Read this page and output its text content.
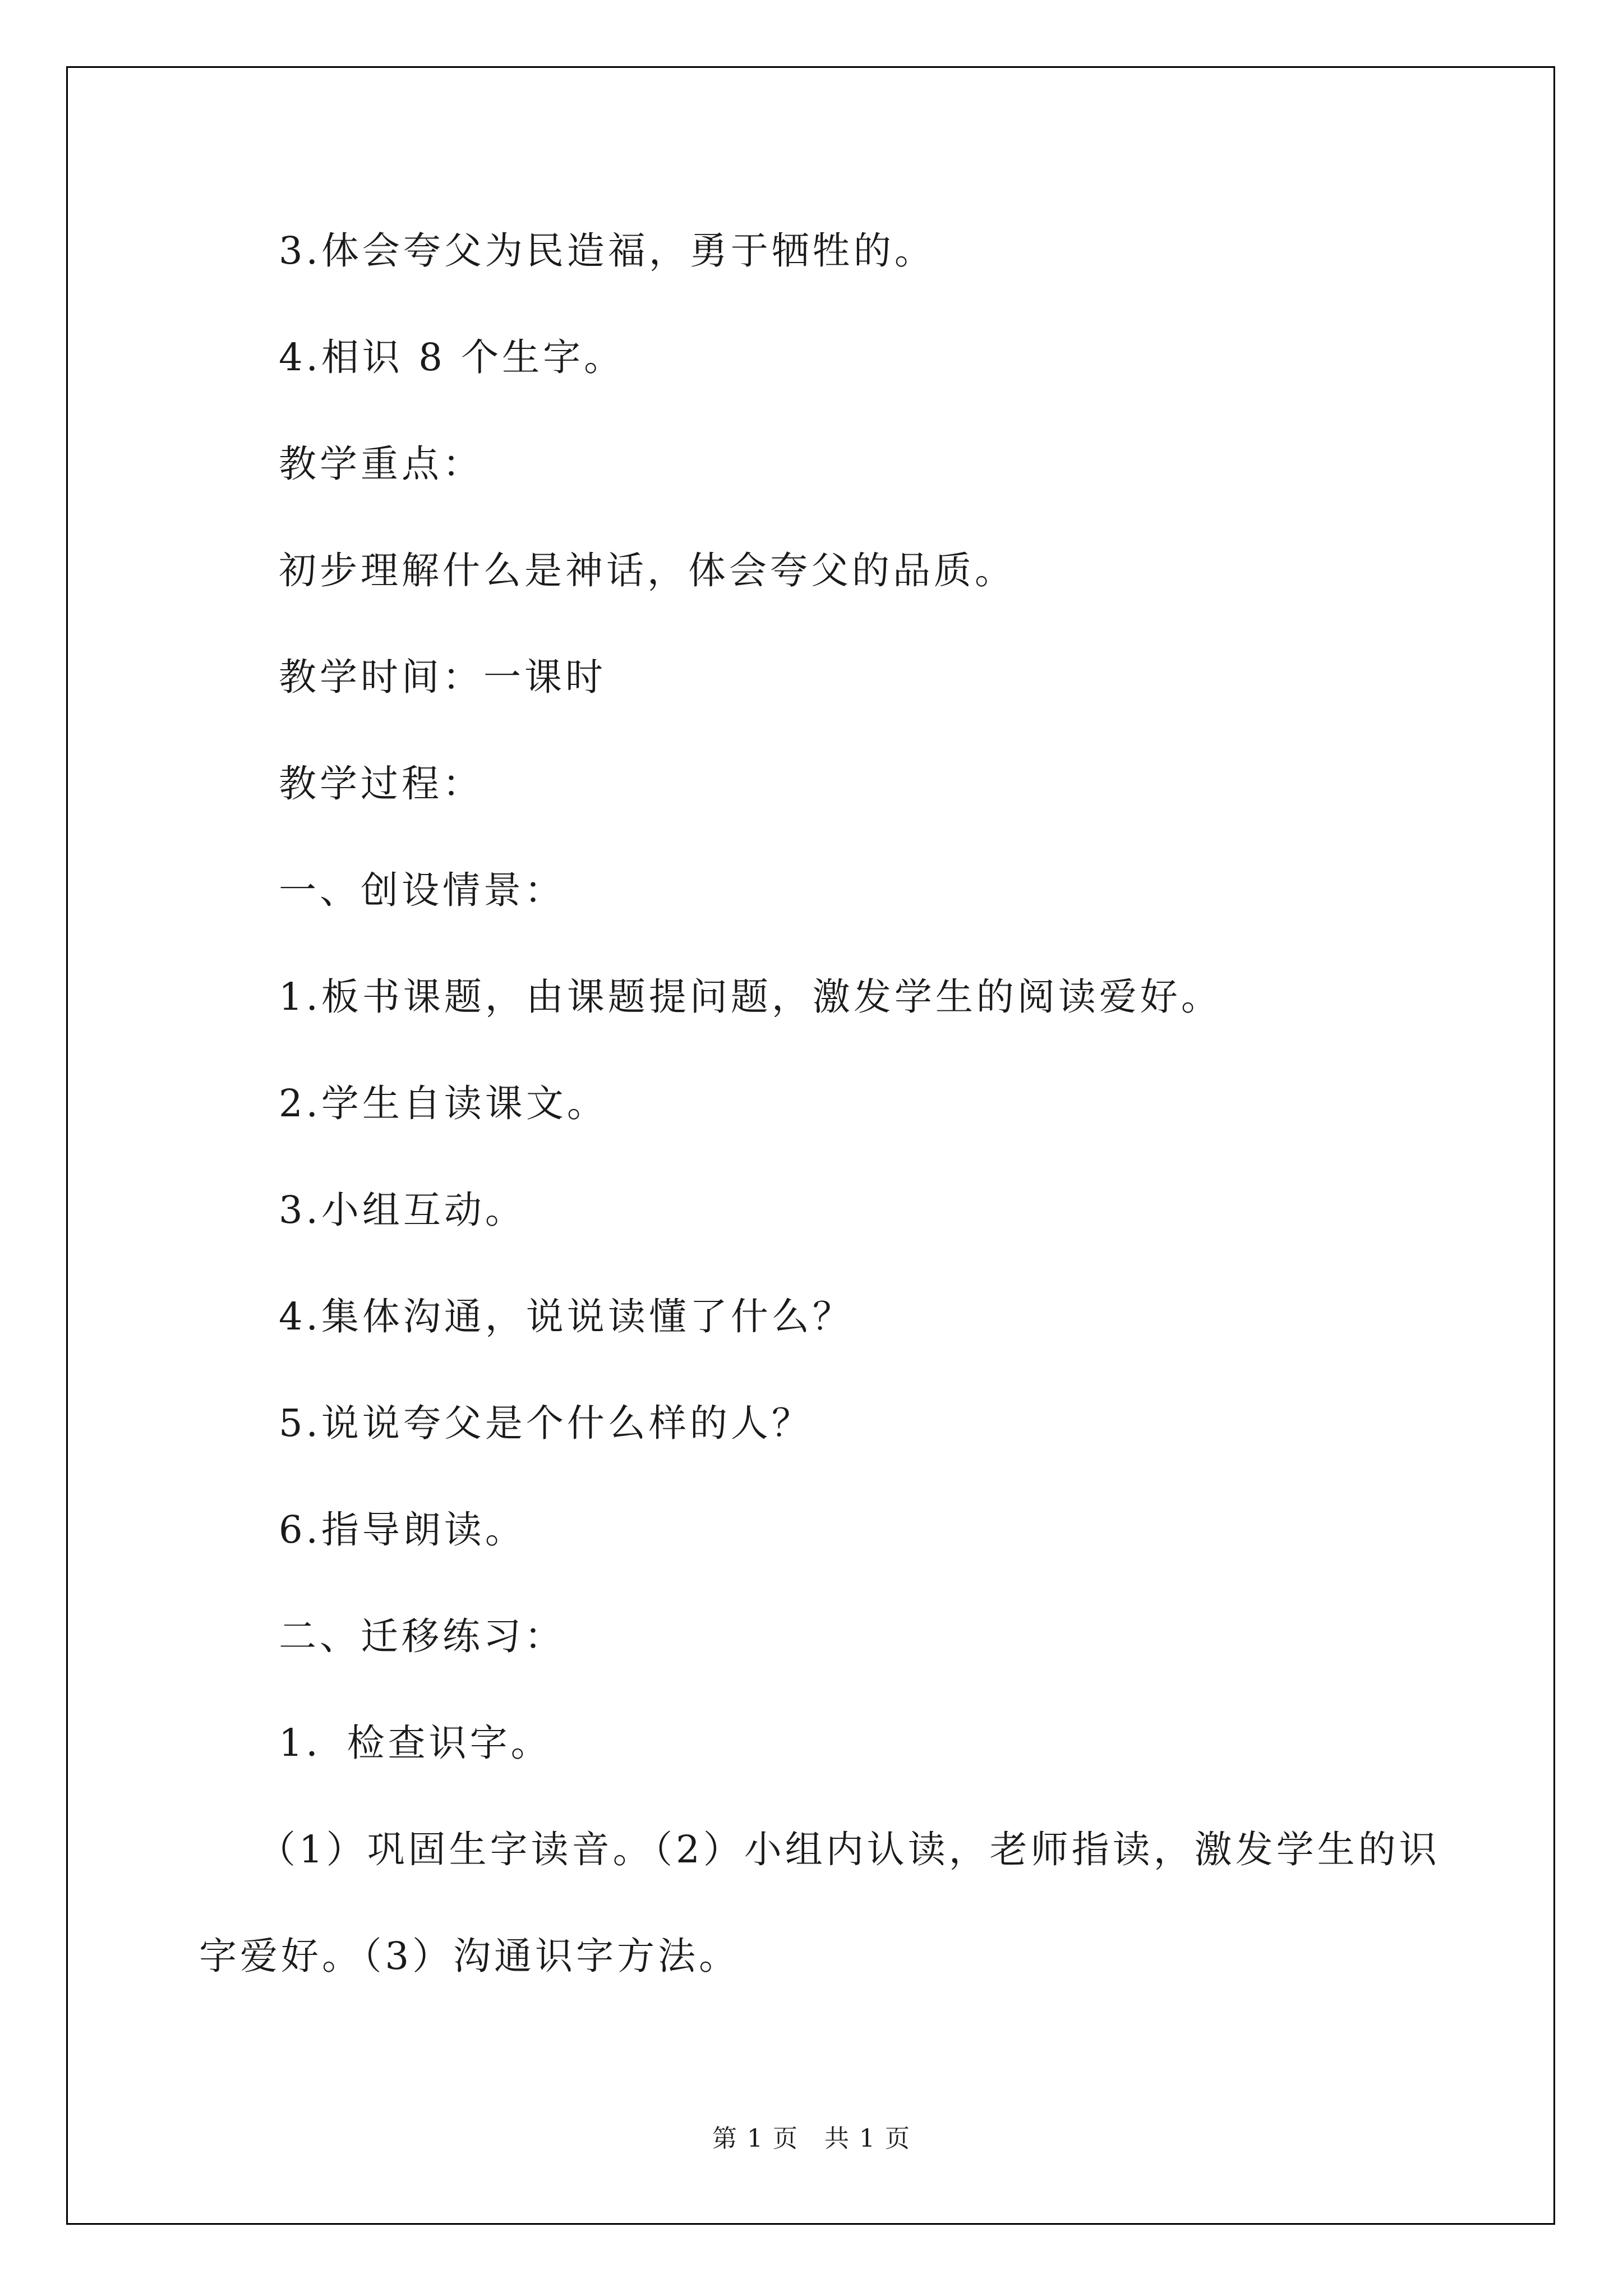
3.体会夸父为民造福，勇于牺牲的。
4.相识 8 个生字。
教学重点：
初步理解什么是神话，体会夸父的品质。
教学时间：一课时
教学过程：
一、创设情景：
1.板书课题，由课题提问题，激发学生的阅读爱好。
2.学生自读课文。
3.小组互动。
4.集体沟通，说说读懂了什么？
5.说说夸父是个什么样的人？
6.指导朗读。
二、迁移练习：
1．检查识字。
（1）巩固生字读音。（2）小组内认读，老师指读，激发学生的识
字爱好。（3）沟通识字方法。
第 1 页　共 1 页
